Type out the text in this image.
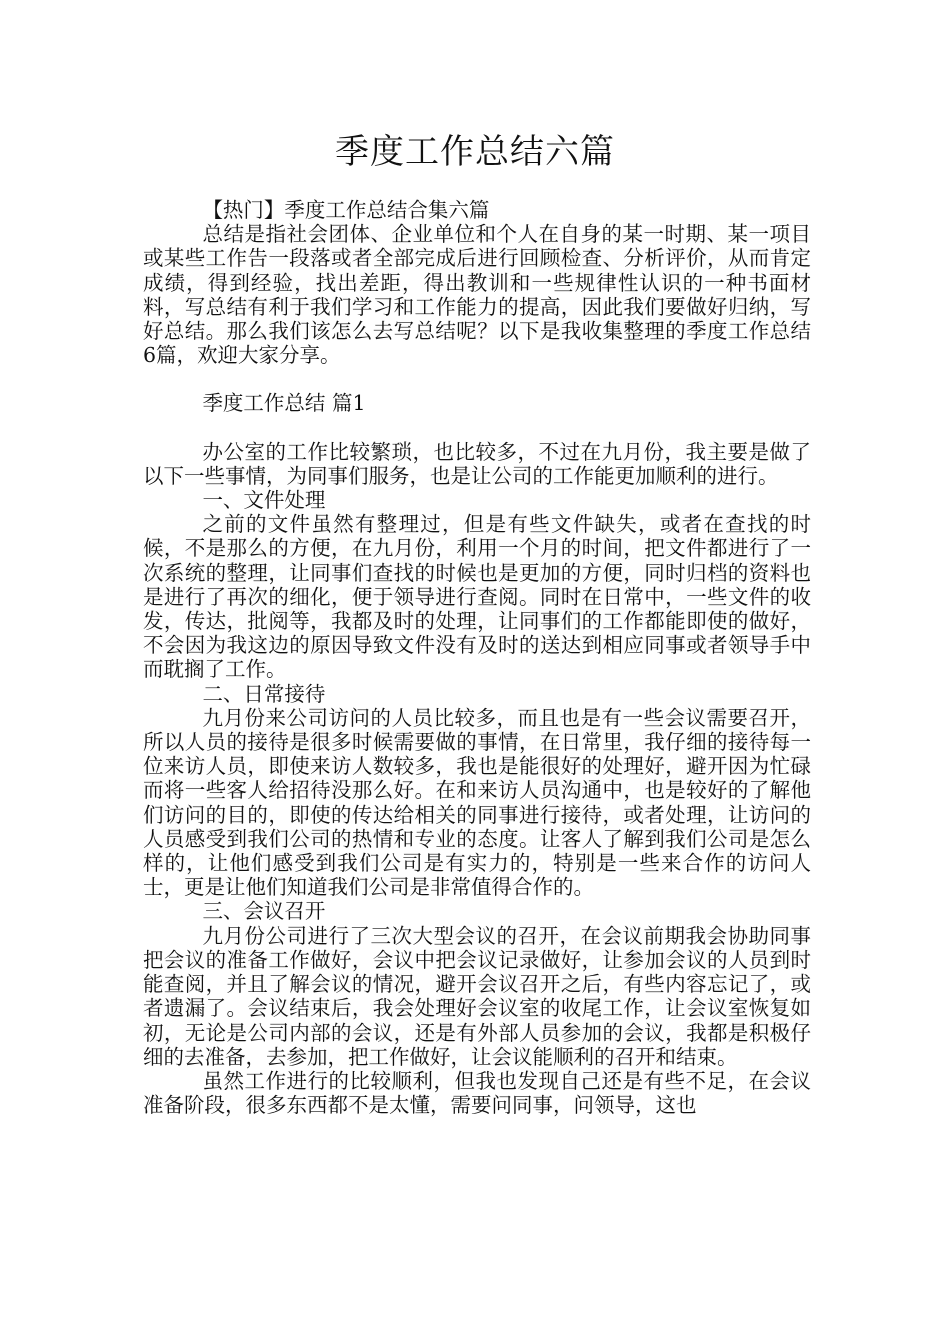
季度工作总结六篇

【热门】季度工作总结合集六篇

总结是指社会团体、企业单位和个人在自身的某一时期、某一项目或某些工作告一段落或者全部完成后进行回顾检查、分析评价，从而肯定成绩，得到经验，找出差距，得出教训和一些规律性认识的一种书面材料，写总结有利于我们学习和工作能力的提高，因此我们要做好归纳，写好总结。那么我们该怎么去写总结呢？以下是我收集整理的季度工作总结6篇，欢迎大家分享。

季度工作总结 篇1

办公室的工作比较繁琐，也比较多，不过在九月份，我主要是做了以下一些事情，为同事们服务，也是让公司的工作能更加顺利的进行。

一、文件处理

之前的文件虽然有整理过，但是有些文件缺失，或者在查找的时候，不是那么的方便，在九月份，利用一个月的时间，把文件都进行了一次系统的整理，让同事们查找的时候也是更加的方便，同时归档的资料也是进行了再次的细化，便于领导进行查阅。同时在日常中，一些文件的收发，传达，批阅等，我都及时的处理，让同事们的工作都能即使的做好，不会因为我这边的原因导致文件没有及时的送达到相应同事或者领导手中而耽搁了工作。

二、日常接待

九月份来公司访问的人员比较多，而且也是有一些会议需要召开，所以人员的接待是很多时候需要做的事情，在日常里，我仔细的接待每一位来访人员，即使来访人数较多，我也是能很好的处理好，避开因为忙碌而将一些客人给招待没那么好。在和来访人员沟通中，也是较好的了解他们访问的目的，即使的传达给相关的同事进行接待，或者处理，让访问的人员感受到我们公司的热情和专业的态度。让客人了解到我们公司是怎么样的，让他们感受到我们公司是有实力的，特别是一些来合作的访问人士，更是让他们知道我们公司是非常值得合作的。

三、会议召开

九月份公司进行了三次大型会议的召开，在会议前期我会协助同事把会议的准备工作做好，会议中把会议记录做好，让参加会议的人员到时能查阅，并且了解会议的情况，避开会议召开之后，有些内容忘记了，或者遗漏了。会议结束后，我会处理好会议室的收尾工作，让会议室恢复如初，无论是公司内部的会议，还是有外部人员参加的会议，我都是积极仔细的去准备，去参加，把工作做好，让会议能顺利的召开和结束。

虽然工作进行的比较顺利，但我也发现自己还是有些不足，在会议准备阶段，很多东西都不是太懂，需要问同事，问领导，这也
